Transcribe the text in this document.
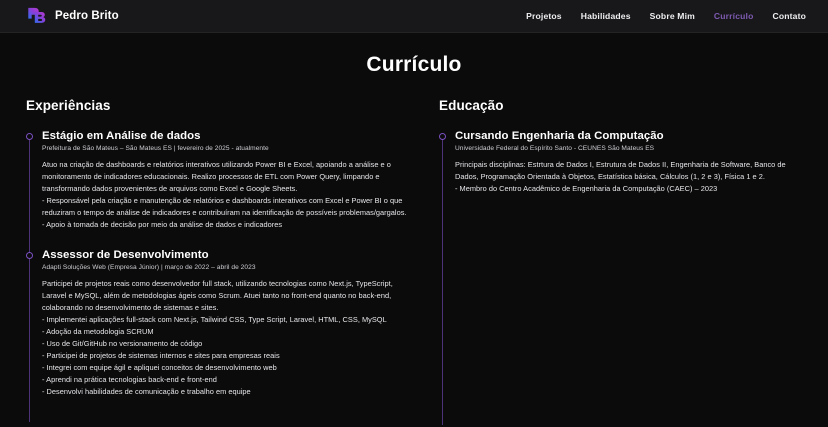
Pedro Brito	Projetos Habilidades Sobre Mim Currículo Contato
Currículo
Experiências
Estágio em Análise de dados
Prefeitura de São Mateus – São Mateus ES | fevereiro de 2025 - atualmente

Atuo na criação de dashboards e relatórios interativos utilizando Power BI e Excel, apoiando a análise e o monitoramento de indicadores educacionais. Realizo processos de ETL com Power Query, limpando e transformando dados provenientes de arquivos como Excel e Google Sheets.

- Responsável pela criação e manutenção de relatórios e dashboards interativos com Excel e Power BI o que reduziram o tempo de análise de indicadores e contribuíram na identificação de possíveis problemas/gargalos.

- Apoio à tomada de decisão por meio da análise de dados e indicadores

Assessor de Desenvolvimento
Adapti Soluções Web (Empresa Júnior) | março de 2022 – abril de 2023

Participei de projetos reais como desenvolvedor full stack, utilizando tecnologias como Next.js, TypeScript, Laravel e MySQL, além de metodologias ágeis como Scrum. Atuei tanto no front-end quanto no back-end, colaborando no desenvolvimento de sistemas e sites.

- Implementei aplicações full-stack com Next.js, Tailwind CSS, Type Script, Laravel, HTML, CSS, MySQL

- Adoção da metodologia SCRUM

- Uso de Git/GitHub no versionamento de código

- Participei de projetos de sistemas internos e sites para empresas reais

- Integrei com equipe ágil e apliquei conceitos de desenvolvimento web

- Aprendi na prática tecnologias back-end e front-end

- Desenvolvi habilidades de comunicação e trabalho em equipe

Educação
Cursando Engenharia da Computação
Universidade Federal do Espírito Santo - CEUNES São Mateus ES

Principais disciplinas: Estrtura de Dados I, Estrutura de Dados II, Engenharia de Software, Banco de Dados, Programação Orientada à Objetos, Estatística básica, Cálculos (1, 2 e 3), Física 1 e 2.

- Membro do Centro Acadêmico de Engenharia da Computação (CAEC) – 2023
